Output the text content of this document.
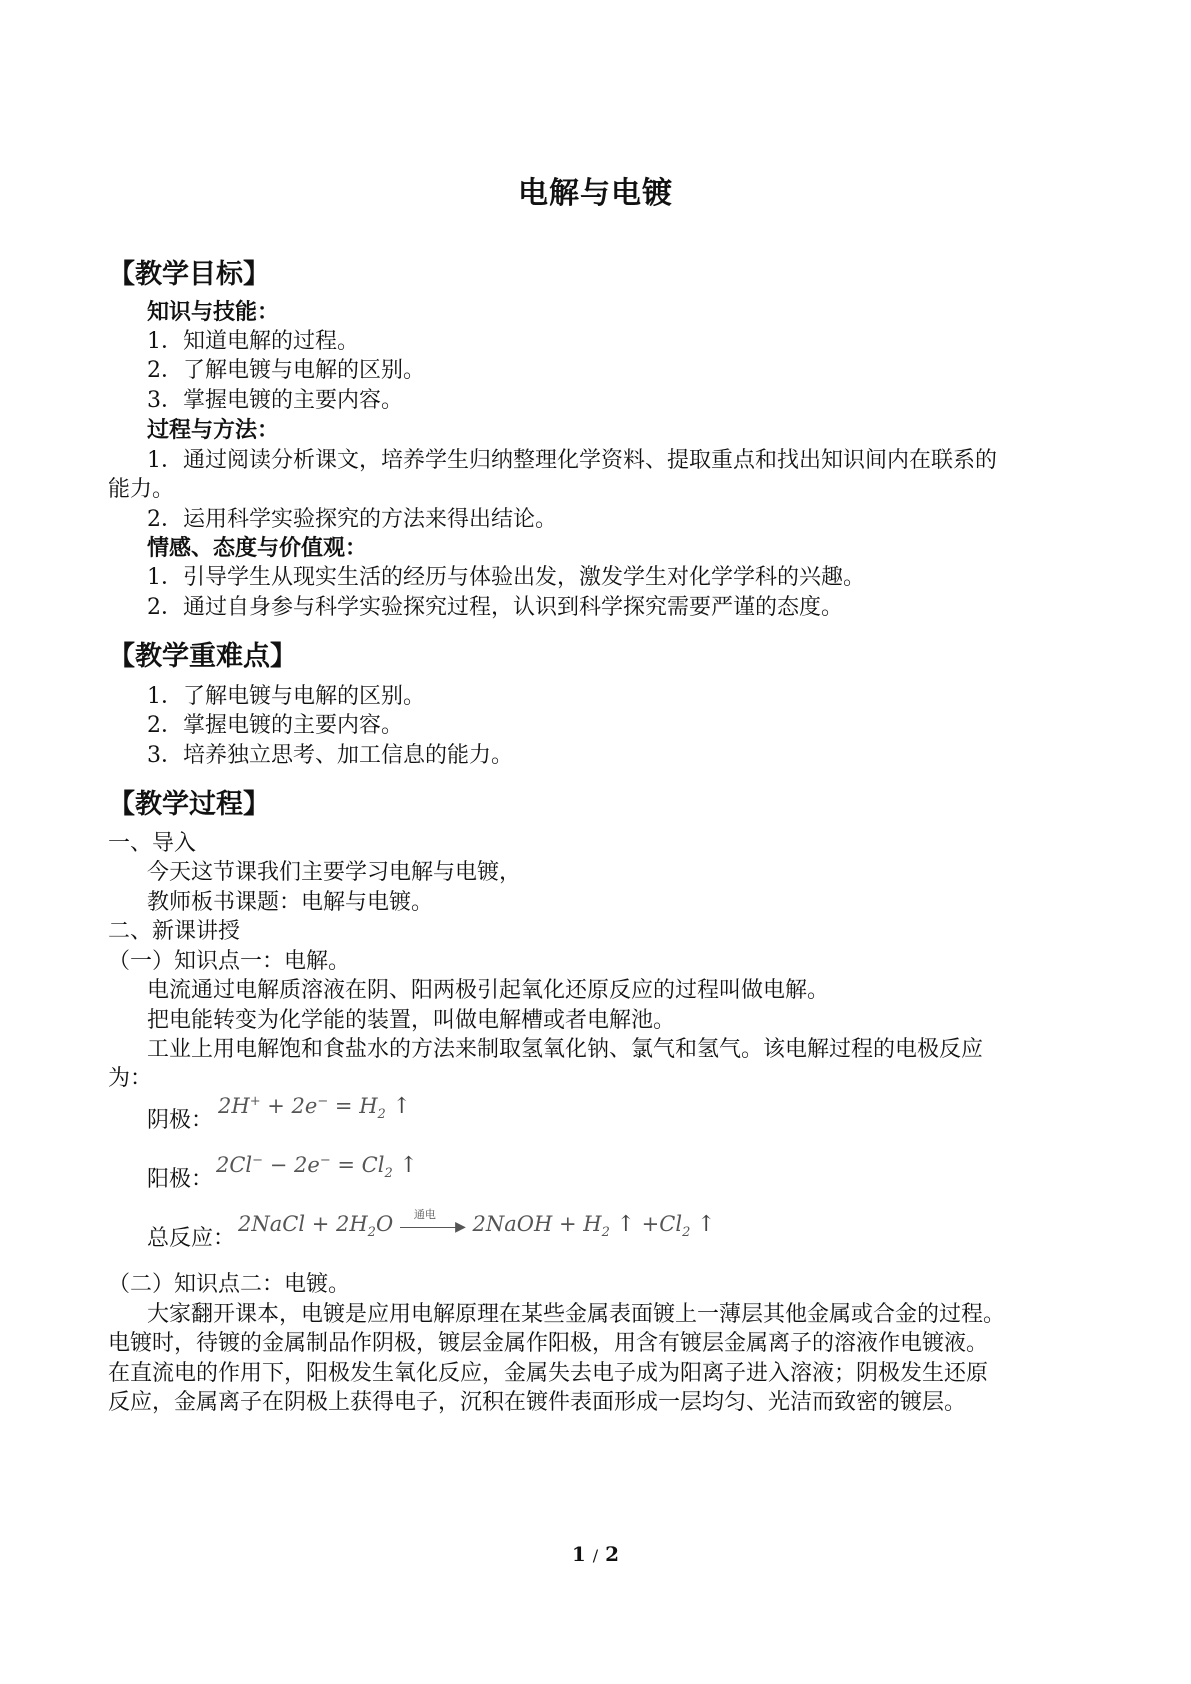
电解与电镀
【教学目标】
知识与技能：
1．知道电解的过程。
2．了解电镀与电解的区别。
3．掌握电镀的主要内容。
过程与方法：
1．通过阅读分析课文，培养学生归纳整理化学资料、提取重点和找出知识间内在联系的
能力。
2．运用科学实验探究的方法来得出结论。
情感、态度与价值观：
1．引导学生从现实生活的经历与体验出发，激发学生对化学学科的兴趣。
2．通过自身参与科学实验探究过程，认识到科学探究需要严谨的态度。
【教学重难点】
1．了解电镀与电解的区别。
2．掌握电镀的主要内容。
3．培养独立思考、加工信息的能力。
【教学过程】
一、导入
今天这节课我们主要学习电解与电镀，
教师板书课题：电解与电镀。
二、新课讲授
（一）知识点一：电解。
电流通过电解质溶液在阴、阳两极引起氧化还原反应的过程叫做电解。
把电能转变为化学能的装置，叫做电解槽或者电解池。
工业上用电解饱和食盐水的方法来制取氢氧化钠、氯气和氢气。该电解过程的电极反应
为：
阴极：
$2H^+ + 2e^- = H_2$ ↑
阳极：
$2Cl^- - 2e^- = Cl_2$ ↑
总反应：
2NaCl + $2H_2O$ 通电
▶ 2NaOH + $H_2$ ↑ $+Cl_2$ ↑
（二）知识点二：电镀。
大家翻开课本，电镀是应用电解原理在某些金属表面镀上一薄层其他金属或合金的过程。
电镀时，待镀的金属制品作阴极，镀层金属作阳极，用含有镀层金属离子的溶液作电镀液。
在直流电的作用下，阳极发生氧化反应，金属失去电子成为阳离子进入溶液；阴极发生还原
反应，金属离子在阴极上获得电子，沉积在镀件表面形成一层均匀、光洁而致密的镀层。
1 / 2
